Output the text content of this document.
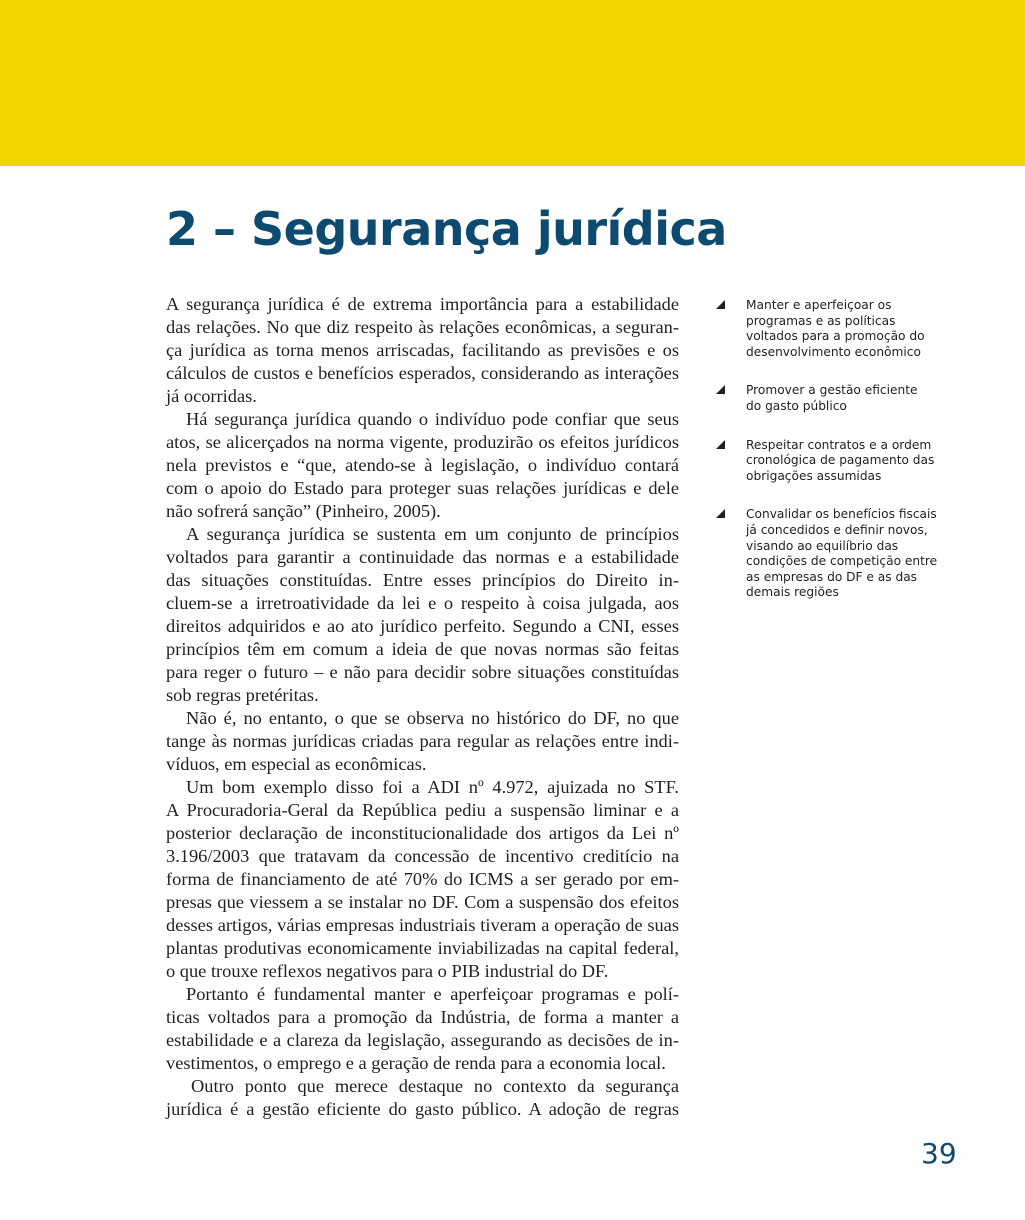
2 – Segurança jurídica
A segurança jurídica é de extrema importância para a estabilidade
das relações. No que diz respeito às relações econômicas, a seguran-
ça jurídica as torna menos arriscadas, facilitando as previsões e os
cálculos de custos e benefícios esperados, considerando as interações
já ocorridas.
Há segurança jurídica quando o indivíduo pode confiar que seus
atos, se alicerçados na norma vigente, produzirão os efeitos jurídicos
nela previstos e “que, atendo-se à legislação, o indivíduo contará
com o apoio do Estado para proteger suas relações jurídicas e dele
não sofrerá sanção” (Pinheiro, 2005).
A segurança jurídica se sustenta em um conjunto de princípios
voltados para garantir a continuidade das normas e a estabilidade
das situações constituídas. Entre esses princípios do Direito in-
cluem-se a irretroatividade da lei e o respeito à coisa julgada, aos
direitos adquiridos e ao ato jurídico perfeito. Segundo a CNI, esses
princípios têm em comum a ideia de que novas normas são feitas
para reger o futuro – e não para decidir sobre situações constituídas
sob regras pretéritas.
Não é, no entanto, o que se observa no histórico do DF, no que
tange às normas jurídicas criadas para regular as relações entre indi-
víduos, em especial as econômicas.
Um bom exemplo disso foi a ADI nº 4.972, ajuizada no STF.
A Procuradoria-Geral da República pediu a suspensão liminar e a
posterior declaração de inconstitucionalidade dos artigos da Lei nº
3.196/2003 que tratavam da concessão de incentivo creditício na
forma de financiamento de até 70% do ICMS a ser gerado por em-
presas que viessem a se instalar no DF. Com a suspensão dos efeitos
desses artigos, várias empresas industriais tiveram a operação de suas
plantas produtivas economicamente inviabilizadas na capital federal,
o que trouxe reflexos negativos para o PIB industrial do DF.
Portanto é fundamental manter e aperfeiçoar programas e polí-
ticas voltados para a promoção da Indústria, de forma a manter a
estabilidade e a clareza da legislação, assegurando as decisões de in-
vestimentos, o emprego e a geração de renda para a economia local.
Outro ponto que merece destaque no contexto da segurança
jurídica é a gestão eficiente do gasto público. A adoção de regras
Manter e aperfeiçoar os
programas e as políticas
voltados para a promoção do
desenvolvimento econômico
Promover a gestão eficiente
do gasto público
Respeitar contratos e a ordem
cronológica de pagamento das
obrigações assumidas
Convalidar os benefícios fiscais
já concedidos e definir novos,
visando ao equilíbrio das
condições de competição entre
as empresas do DF e as das
demais regiões
39
